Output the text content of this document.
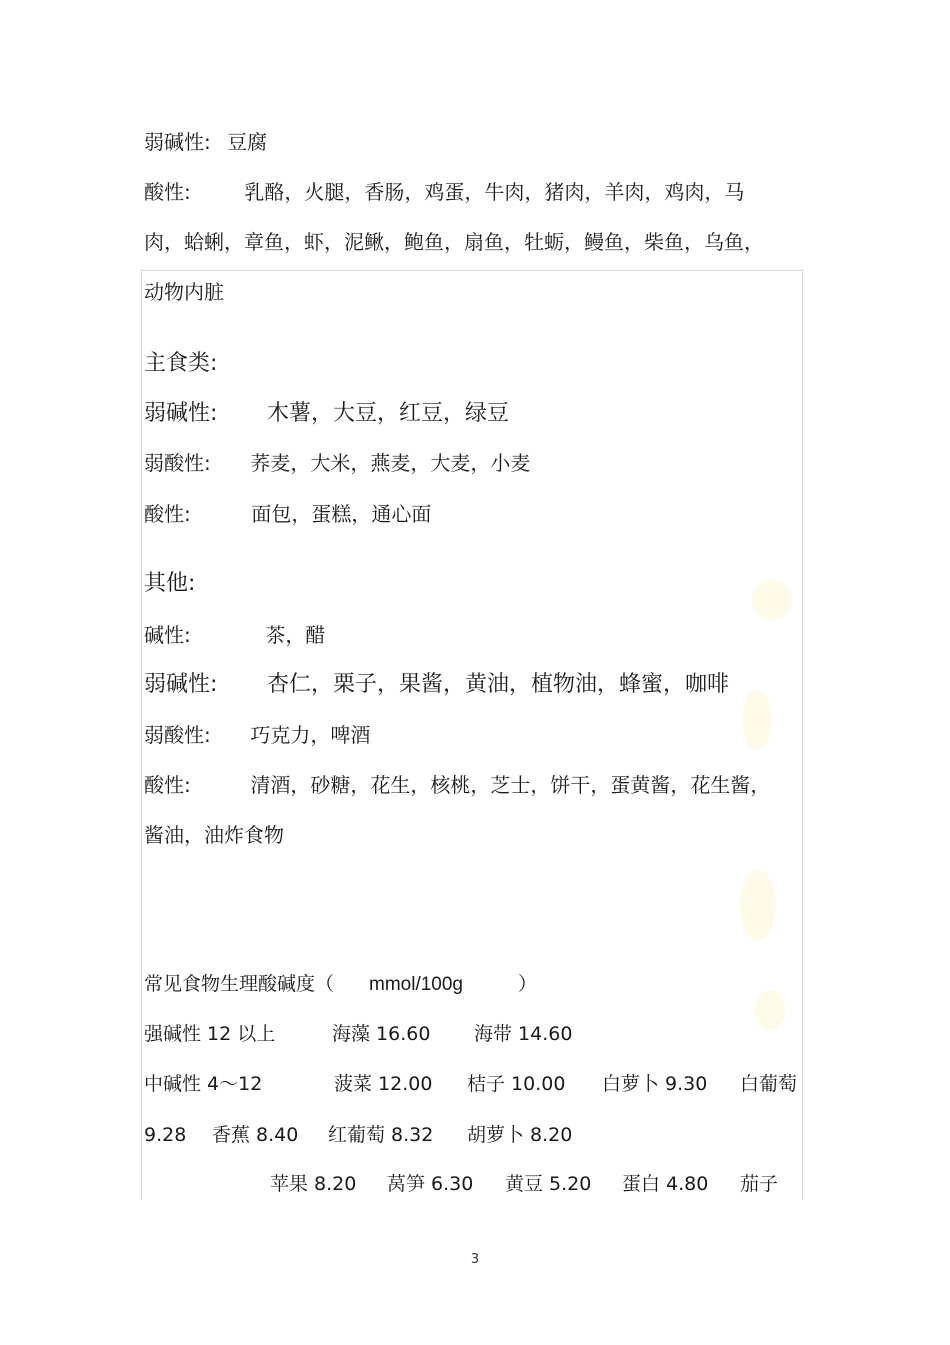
弱碱性: 豆腐
酸性:	乳酪，火腿，香肠，鸡蛋，牛肉，猪肉，羊肉，鸡肉，马
肉，蛤蜊，章鱼，虾，泥鳅，鲍鱼，扇鱼，牡蛎，鳗鱼，柴鱼，乌鱼，
动物内脏
主食类:
弱碱性: 木薯，大豆，红豆，绿豆
弱酸性: 荞麦，大米，燕麦，大麦，小麦
酸性:	面包，蛋糕，通心面
其他:
碱性:	茶，醋
弱碱性: 杏仁，栗子，果酱，黄油，植物油，蜂蜜，咖啡
弱酸性: 巧克力，啤酒
酸性:	清酒，砂糖，花生，核桃，芝士，饼干，蛋黄酱，花生酱，
酱油，油炸食物
常见食物生理酸碱度（ mmol/100g	）
强碱性 12 以上	海藻 16.60 海带 14.60
中碱性 4～12	菠菜 12.00 桔子 10.00 白萝卜 9.30 白葡萄
9.28 香蕉 8.40 红葡萄 8.32 胡萝卜 8.20
苹果 8.20 莴笋 6.30 黄豆 5.20 蛋白 4.80 茄子
3
